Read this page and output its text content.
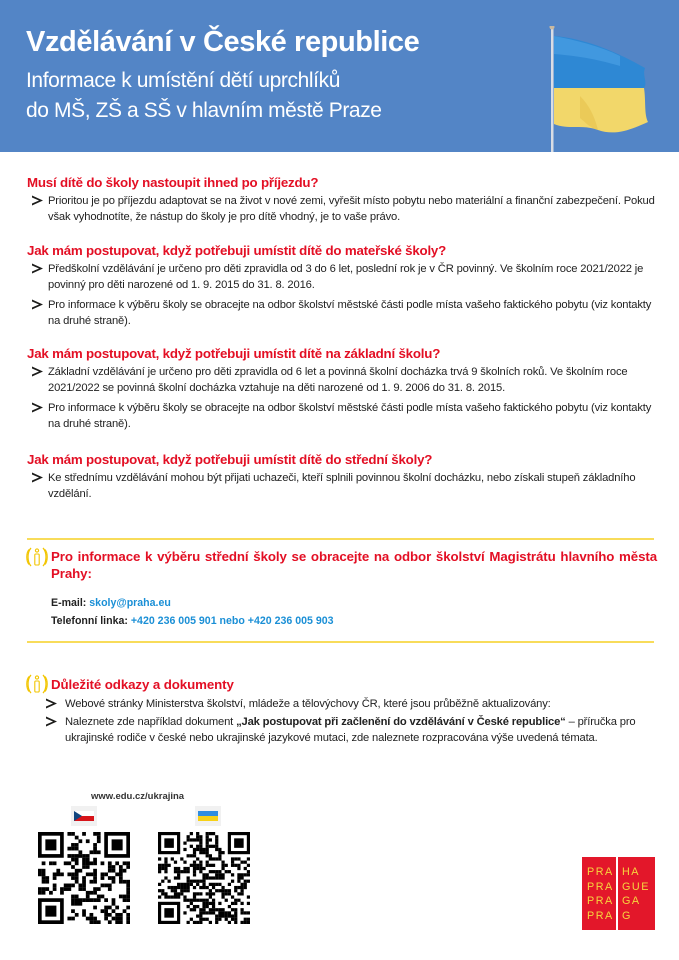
Vzdělávání v České republice
Informace k umístění dětí uprchlíků
do MŠ, ZŠ a SŠ v hlavním městě Praze
Musí dítě do školy nastoupit ihned po příjezdu?
Prioritou je po příjezdu adaptovat se na život v nové zemi, vyřešit místo pobytu nebo materiální a finanční zabezpečení. Pokud však vyhodnotíte, že nástup do školy je pro dítě vhodný, je to vaše právo.
Jak mám postupovat, když potřebuji umístit dítě do mateřské školy?
Předškolní vzdělávání je určeno pro děti zpravidla od 3 do 6 let, poslední rok je v ČR povinný. Ve školním roce 2021/2022 je povinný pro děti narozené od 1. 9. 2015 do 31. 8. 2016.
Pro informace k výběru školy se obracejte na odbor školství městské části podle místa vašeho faktického pobytu (viz kontakty na druhé straně).
Jak mám postupovat, když potřebuji umístit dítě na základní školu?
Základní vzdělávání je určeno pro děti zpravidla od 6 let a povinná školní docházka trvá 9 školních roků. Ve školním roce 2021/2022 se povinná školní docházka vztahuje na děti narozené od 1. 9. 2006 do 31. 8. 2015.
Pro informace k výběru školy se obracejte na odbor školství městské části podle místa vašeho faktického pobytu (viz kontakty na druhé straně).
Jak mám postupovat, když potřebuji umístit dítě do střední školy?
Ke střednímu vzdělávání mohou být přijati uchazeči, kteří splnili povinnou školní docházku, nebo získali stupeň základního vzdělání.
Pro informace k výběru střední školy se obracejte na odbor školství Magistrátu hlavního města Prahy:
E-mail: skoly@praha.eu
Telefonní linka: +420 236 005 901 nebo +420 236 005 903
Důležité odkazy a dokumenty
Webové stránky Ministerstva školství, mládeže a tělovýchovy ČR, které jsou průběžně aktualizovány:
Naleznete zde například dokument „Jak postupovat při začlenění do vzdělávání v České republice“ – příručka pro ukrajinské rodiče v české nebo ukrajinské jazykové mutaci, zde naleznete rozpracována výše uvedená témata.
www.edu.cz/ukrajina
PRA
PRA
PRA
PRA
HA
GUE
GA
G
